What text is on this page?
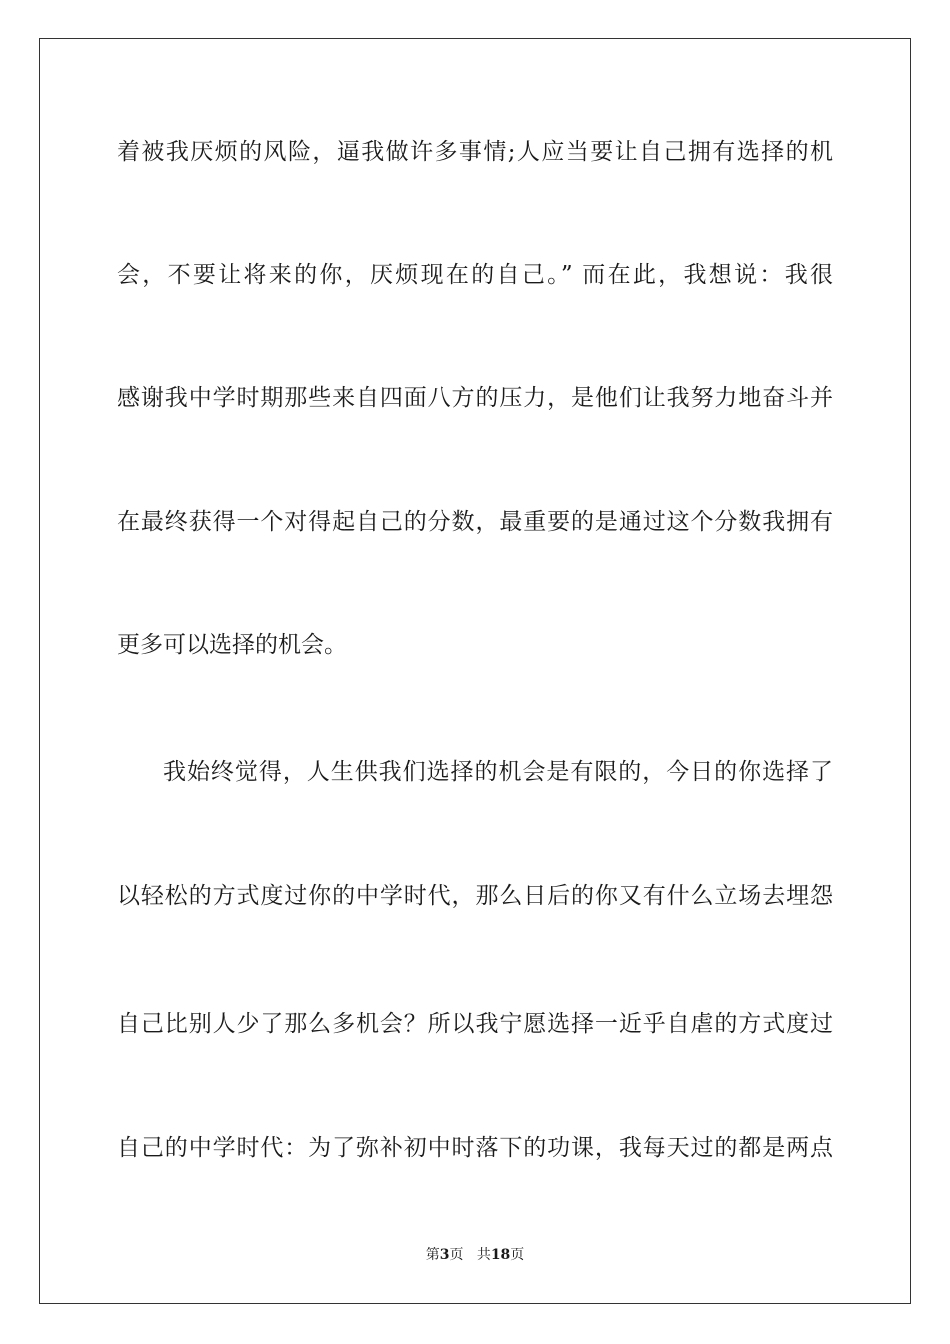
着被我厌烦的风险，逼我做许多事情;人应当要让自己拥有选择的机
会，不要让将来的你，厌烦现在的自己。” 而在此，我想说：我很
感谢我中学时期那些来自四面八方的压力，是他们让我努力地奋斗并
在最终获得一个对得起自己的分数，最重要的是通过这个分数我拥有
更多可以选择的机会。
我始终觉得，人生供我们选择的机会是有限的，今日的你选择了
以轻松的方式度过你的中学时代，那么日后的你又有什么立场去埋怨
自己比别人少了那么多机会？所以我宁愿选择一近乎自虐的方式度过
自己的中学时代：为了弥补初中时落下的功课，我每天过的都是两点
第3页 共18页
